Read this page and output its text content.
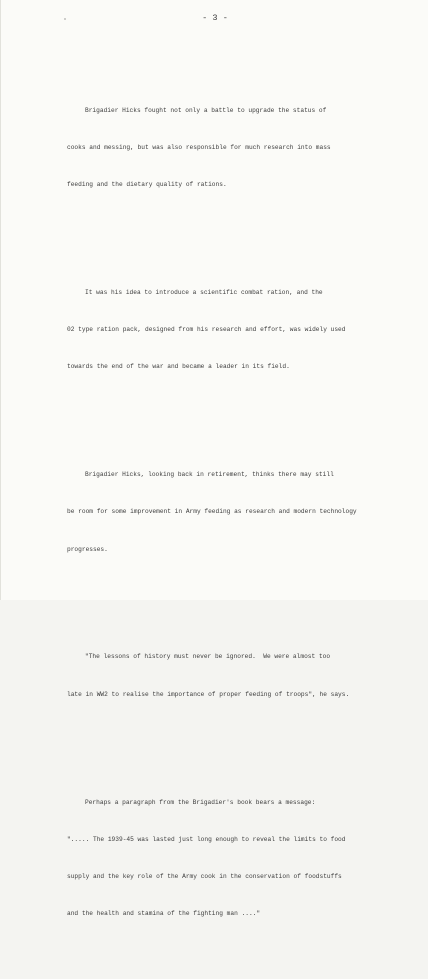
- 3 -

Brigadier Hicks fought not only a battle to upgrade the status of

cooks and messing, but was also responsible for much research into mass

feeding and the dietary quality of rations.

It was his idea to introduce a scientific combat ration, and the

02 type ration pack, designed from his research and effort, was widely used

towards the end of the war and became a leader in its field.

Brigadier Hicks, looking back in retirement, thinks there may still

be room for some improvement in Army feeding as research and modern technology

progresses.

"The lessons of history must never be ignored.  We were almost too

late in WW2 to realise the importance of proper feeding of troops", he says.

Perhaps a paragraph from the Brigadier's book bears a message:

"..... The 1939-45 was lasted just long enough to reveal the limits to food

supply and the key role of the Army cook in the conservation of foodstuffs

and the health and stamina of the fighting man ...."
